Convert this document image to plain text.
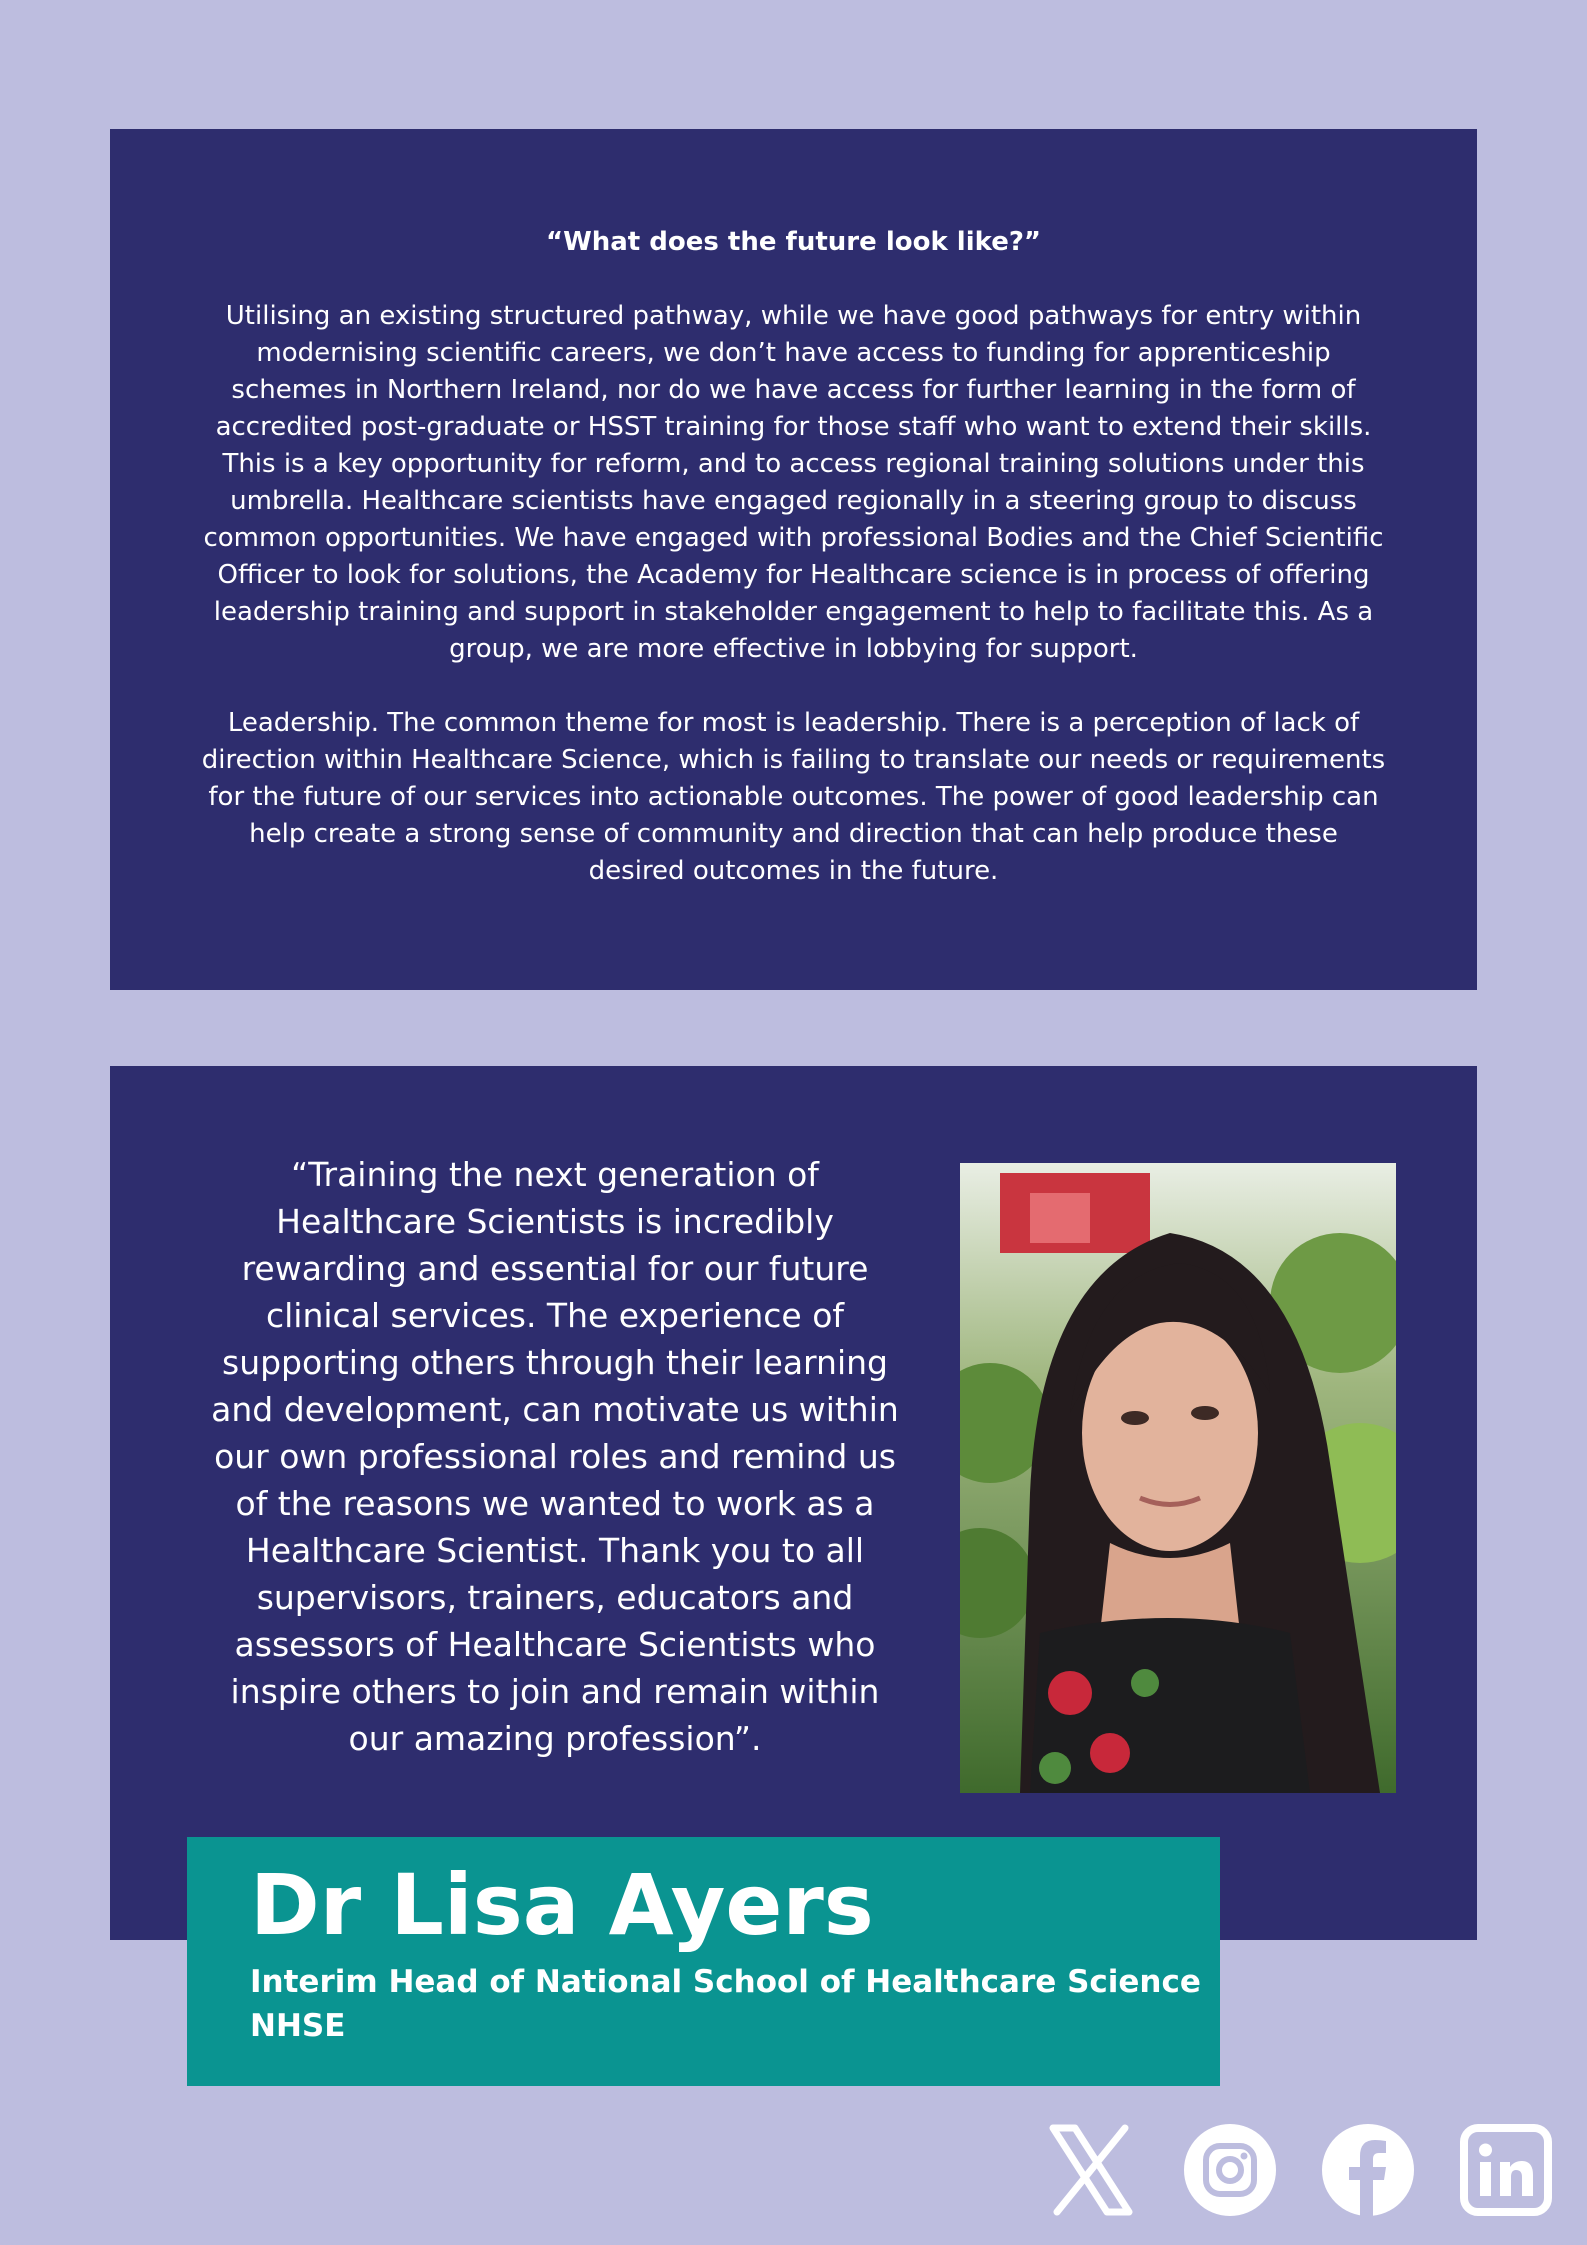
“What does the future look like?”

Utilising an existing structured pathway, while we have good pathways for entry within modernising scientific careers, we don’t have access to funding for apprenticeship schemes in Northern Ireland, nor do we have access for further learning in the form of accredited post-graduate or HSST training for those staff who want to extend their skills. This is a key opportunity for reform, and to access regional training solutions under this umbrella. Healthcare scientists have engaged regionally in a steering group to discuss common opportunities. We have engaged with professional Bodies and the Chief Scientific Officer to look for solutions, the Academy for Healthcare science is in process of offering leadership training and support in stakeholder engagement to help to facilitate this. As a group, we are more effective in lobbying for support.

Leadership. The common theme for most is leadership. There is a perception of lack of direction within Healthcare Science, which is failing to translate our needs or requirements for the future of our services into actionable outcomes. The power of good leadership can help create a strong sense of community and direction that can help produce these desired outcomes in the future.

“Training the next generation of Healthcare Scientists is incredibly rewarding and essential for our future clinical services. The experience of supporting others through their learning and development, can motivate us within our own professional roles and remind us of the reasons we wanted to work as a Healthcare Scientist. Thank you to all supervisors, trainers, educators and assessors of Healthcare Scientists who inspire others to join and remain within our amazing profession”.

Dr Lisa Ayers

Interim Head of National School of Healthcare Science
NHSE
